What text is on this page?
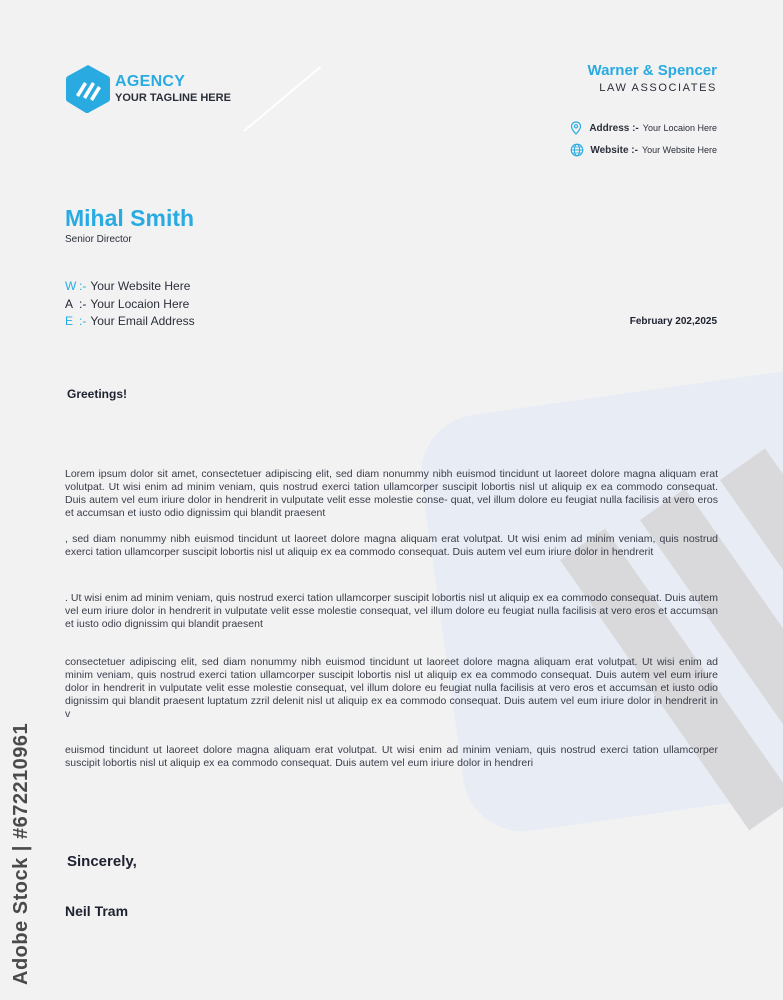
AGENCY
YOUR TAGLINE HERE
Warner & Spencer
LAW ASSOCIATES
Address :- Your Locaion Here
Website :- Your Website Here
Mihal Smith
Senior Director
W :- Your Website Here
A :- Your Locaion Here
E :- Your Email Address	February 202,2025
Greetings!
Lorem ipsum dolor sit amet, consectetuer adipiscing elit, sed diam nonummy nibh euismod tincidunt ut laoreet dolore magna aliquam erat volutpat. Ut wisi enim ad minim veniam, quis nostrud exerci tation ullamcorper suscipit lobortis nisl ut aliquip ex ea commodo consequat. Duis autem vel eum iriure dolor in hendrerit in vulputate velit esse molestie conse- quat, vel illum dolore eu feugiat nulla facilisis at vero eros et accumsan et iusto odio dignissim qui blandit praesent
, sed diam nonummy nibh euismod tincidunt ut laoreet dolore magna aliquam erat volutpat. Ut wisi enim ad minim veniam, quis nostrud exerci tation ullamcorper suscipit lobortis nisl ut aliquip ex ea commodo consequat. Duis autem vel eum iriure dolor in hendrerit
. Ut wisi enim ad minim veniam, quis nostrud exerci tation ullamcorper suscipit lobortis nisl ut aliquip ex ea commodo consequat. Duis autem vel eum iriure dolor in hendrerit in vulputate velit esse molestie consequat, vel illum dolore eu feugiat nulla facilisis at vero eros et accumsan et iusto odio dignissim qui blandit praesent
consectetuer adipiscing elit, sed diam nonummy nibh euismod tincidunt ut laoreet dolore magna aliquam erat volutpat. Ut wisi enim ad minim veniam, quis nostrud exerci tation ullamcorper suscipit lobortis nisl ut aliquip ex ea commodo consequat. Duis autem vel eum iriure dolor in hendrerit in vulputate velit esse molestie consequat, vel illum dolore eu feugiat nulla facilisis at vero eros et accumsan et iusto odio dignissim qui blandit praesent luptatum zzril delenit nisl ut aliquip ex ea commodo consequat. Duis autem vel eum iriure dolor in hendrerit in v
euismod tincidunt ut laoreet dolore magna aliquam erat volutpat. Ut wisi enim ad minim veniam, quis nostrud exerci tation ullamcorper suscipit lobortis nisl ut aliquip ex ea commodo consequat. Duis autem vel eum iriure dolor in hendreri
Sincerely,
Neil Tram
Adobe Stock | #672210961
